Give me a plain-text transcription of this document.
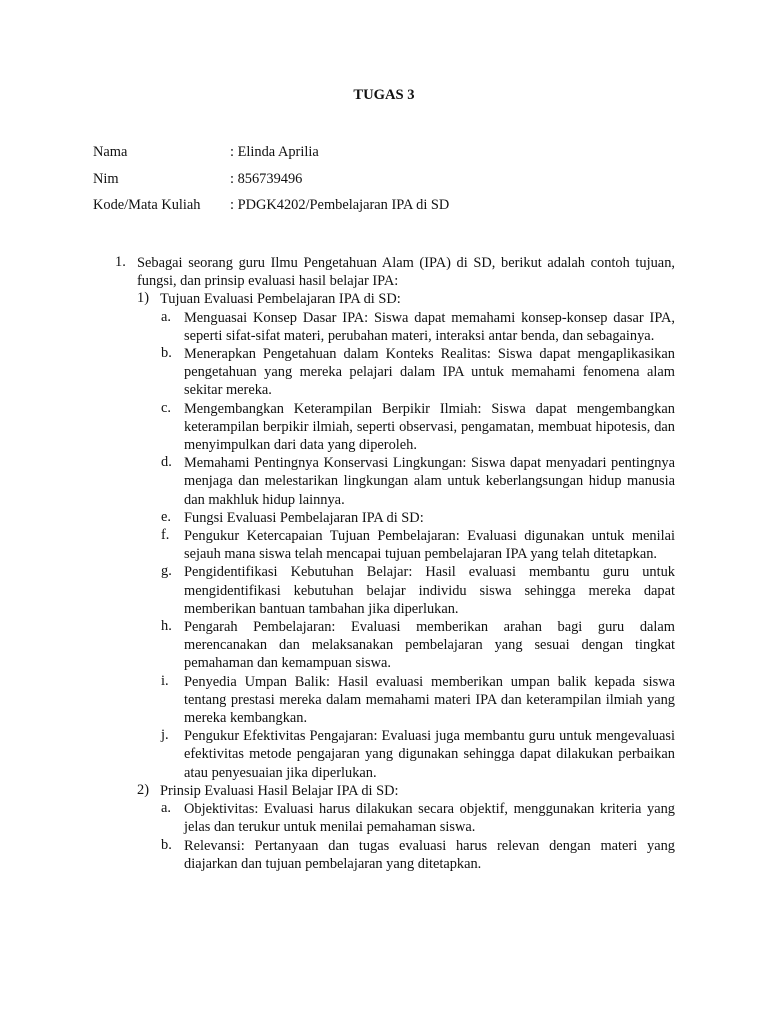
TUGAS 3
Nama	: Elinda Aprilia
Nim	: 856739496
Kode/Mata Kuliah : PDGK4202/Pembelajaran IPA di SD
1. Sebagai seorang guru Ilmu Pengetahuan Alam (IPA) di SD, berikut adalah contoh tujuan, fungsi, dan prinsip evaluasi hasil belajar IPA:
1) Tujuan Evaluasi Pembelajaran IPA di SD:
a. Menguasai Konsep Dasar IPA: Siswa dapat memahami konsep-konsep dasar IPA, seperti sifat-sifat materi, perubahan materi, interaksi antar benda, dan sebagainya.
b. Menerapkan Pengetahuan dalam Konteks Realitas: Siswa dapat mengaplikasikan pengetahuan yang mereka pelajari dalam IPA untuk memahami fenomena alam sekitar mereka.
c. Mengembangkan Keterampilan Berpikir Ilmiah: Siswa dapat mengembangkan keterampilan berpikir ilmiah, seperti observasi, pengamatan, membuat hipotesis, dan menyimpulkan dari data yang diperoleh.
d. Memahami Pentingnya Konservasi Lingkungan: Siswa dapat menyadari pentingnya menjaga dan melestarikan lingkungan alam untuk keberlangsungan hidup manusia dan makhluk hidup lainnya.
e. Fungsi Evaluasi Pembelajaran IPA di SD:
f. Pengukur Ketercapaian Tujuan Pembelajaran: Evaluasi digunakan untuk menilai sejauh mana siswa telah mencapai tujuan pembelajaran IPA yang telah ditetapkan.
g. Pengidentifikasi Kebutuhan Belajar: Hasil evaluasi membantu guru untuk mengidentifikasi kebutuhan belajar individu siswa sehingga mereka dapat memberikan bantuan tambahan jika diperlukan.
h. Pengarah Pembelajaran: Evaluasi memberikan arahan bagi guru dalam merencanakan dan melaksanakan pembelajaran yang sesuai dengan tingkat pemahaman dan kemampuan siswa.
i. Penyedia Umpan Balik: Hasil evaluasi memberikan umpan balik kepada siswa tentang prestasi mereka dalam memahami materi IPA dan keterampilan ilmiah yang mereka kembangkan.
j. Pengukur Efektivitas Pengajaran: Evaluasi juga membantu guru untuk mengevaluasi efektivitas metode pengajaran yang digunakan sehingga dapat dilakukan perbaikan atau penyesuaian jika diperlukan.
2) Prinsip Evaluasi Hasil Belajar IPA di SD:
a. Objektivitas: Evaluasi harus dilakukan secara objektif, menggunakan kriteria yang jelas dan terukur untuk menilai pemahaman siswa.
b. Relevansi: Pertanyaan dan tugas evaluasi harus relevan dengan materi yang diajarkan dan tujuan pembelajaran yang ditetapkan.
